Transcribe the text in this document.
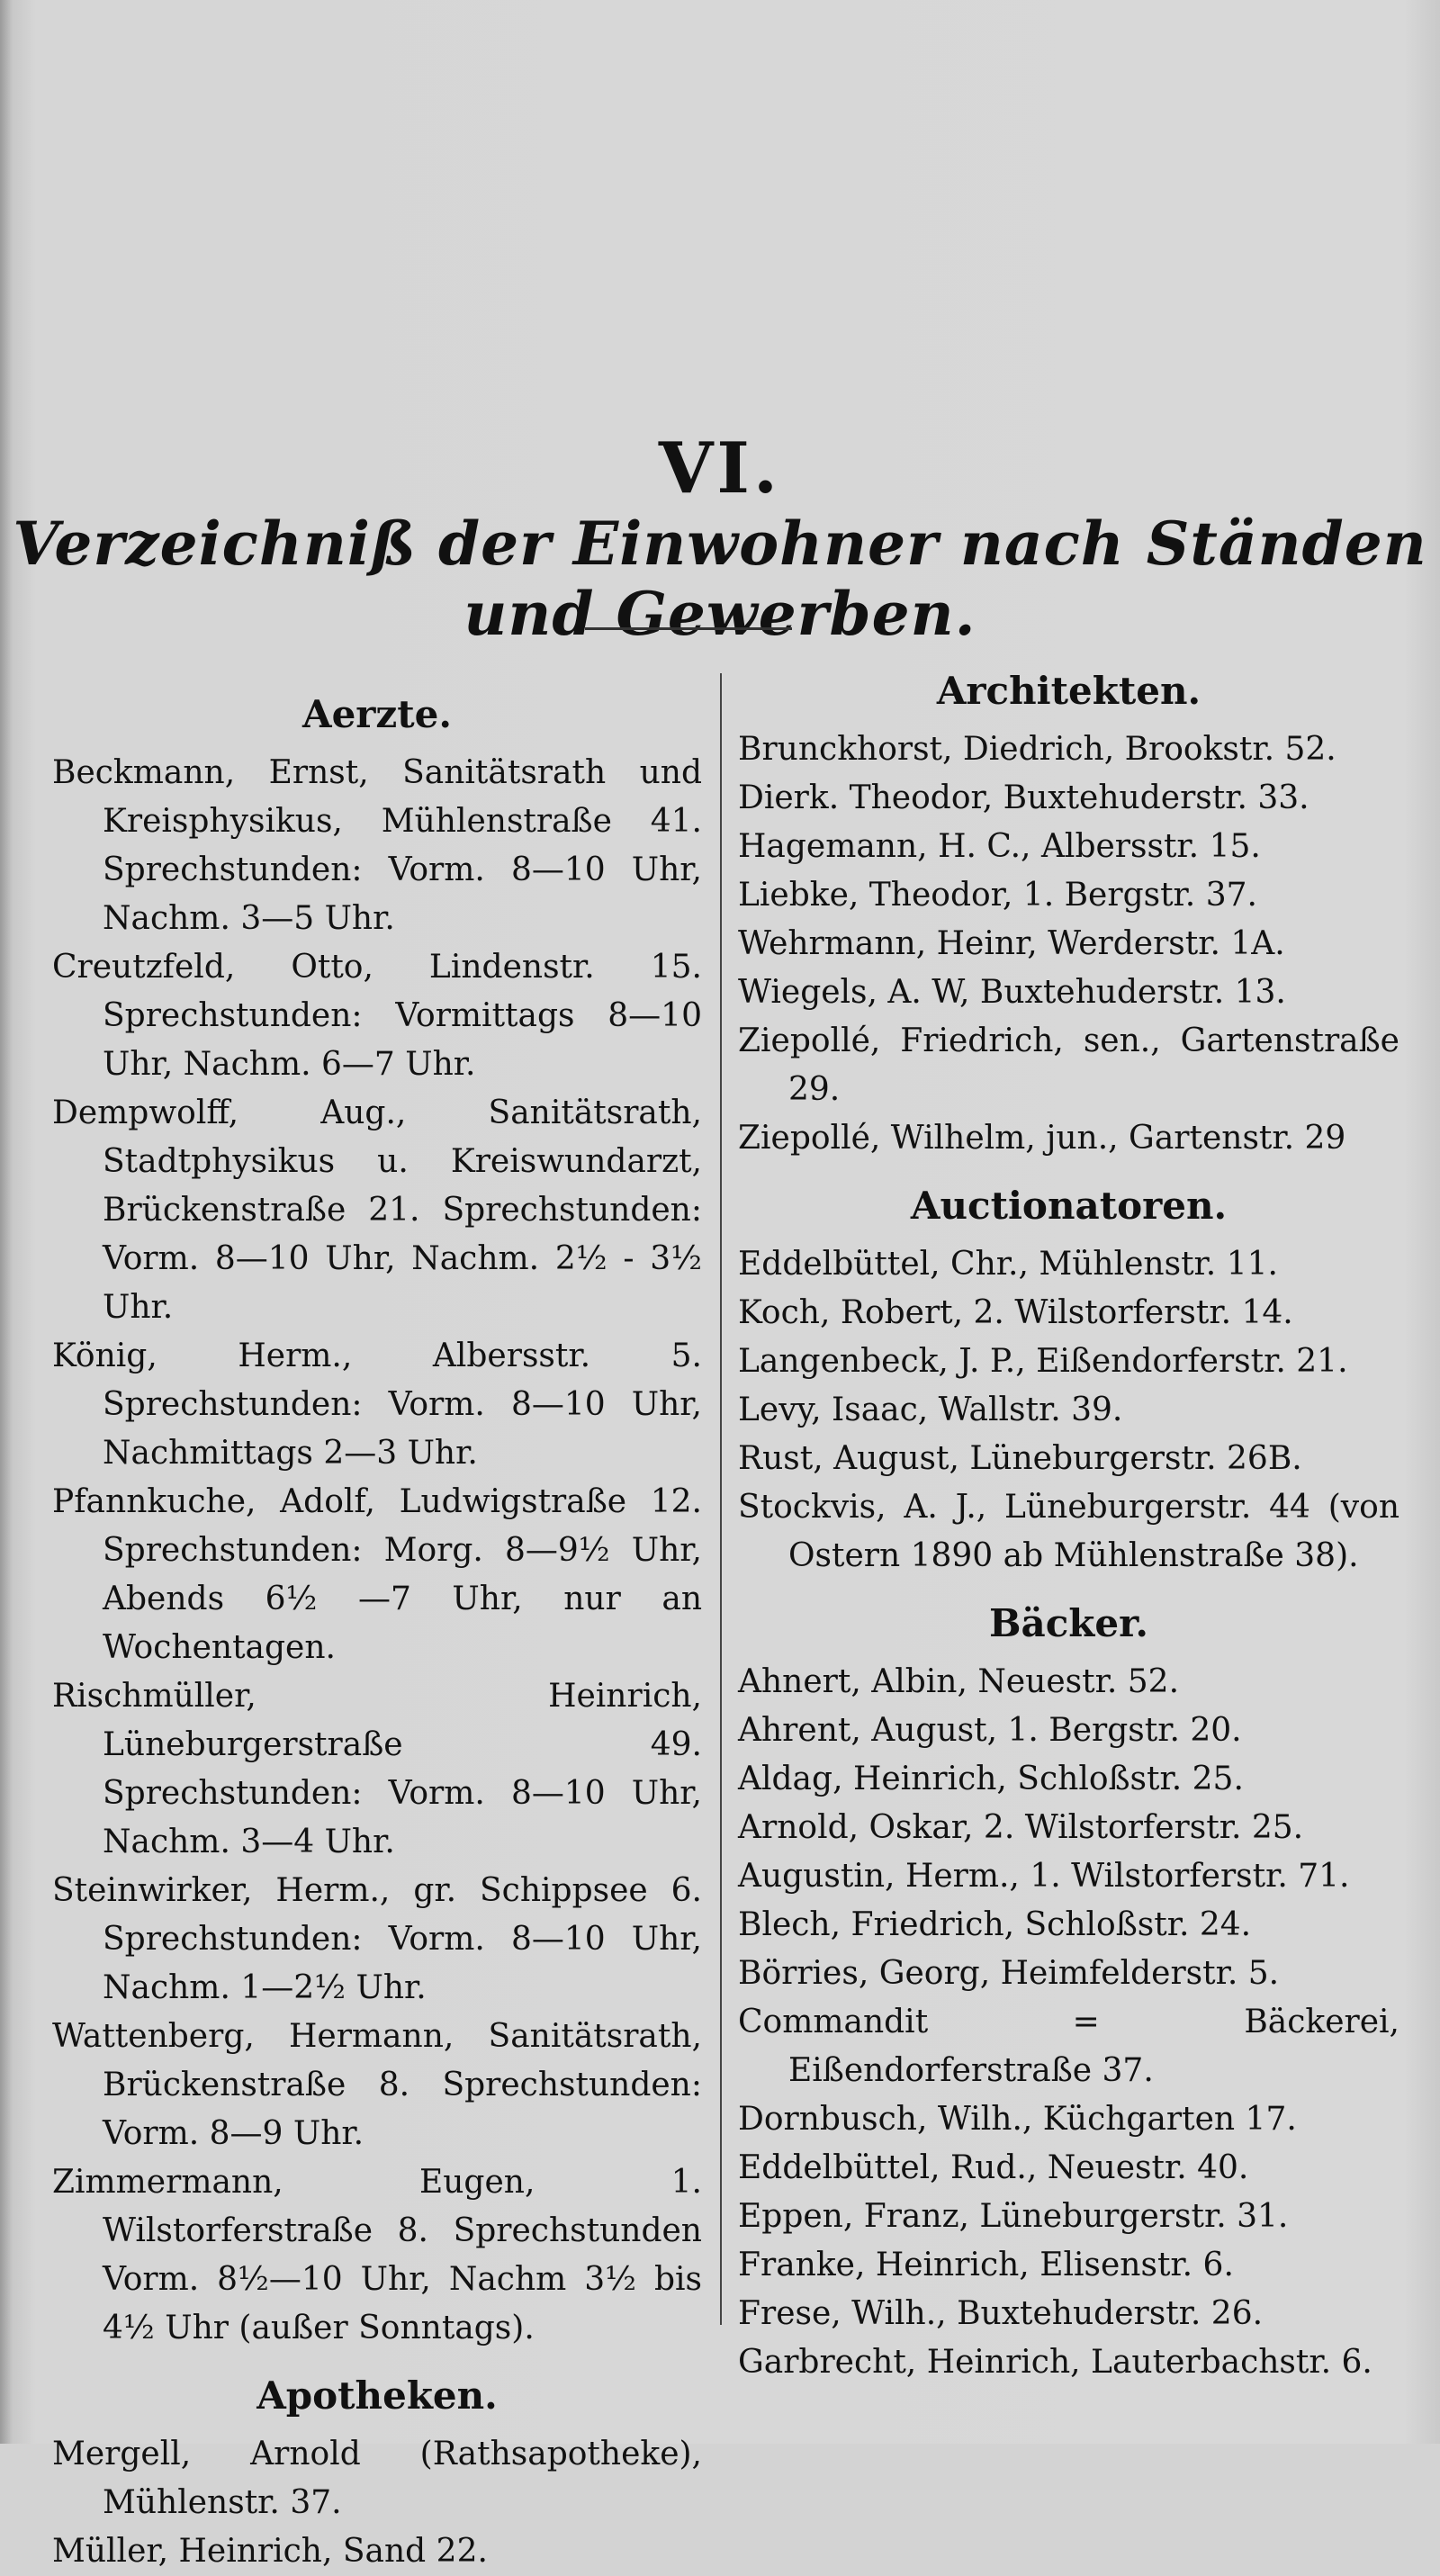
VI.
Verzeichniß der Einwohner nach Ständen und Gewerben.
Aerzte.
Beckmann, Ernst, Sanitätsrath und Kreisphysikus, Mühlenstraße 41. Sprechstunden: Vorm. 8—10 Uhr, Nachm. 3—5 Uhr.
Creutzfeld, Otto, Lindenstr. 15. Sprechstunden: Vormittags 8—10 Uhr, Nachm. 6—7 Uhr.
Dempwolff, Aug., Sanitätsrath, Stadtphysikus u. Kreiswundarzt, Brückenstraße 21. Sprechstunden: Vorm. 8—10 Uhr, Nachm. 2½ - 3½ Uhr.
König, Herm., Albersstr. 5. Sprechstunden: Vorm. 8—10 Uhr, Nachmittags 2—3 Uhr.
Pfannkuche, Adolf, Ludwigstraße 12. Sprechstunden: Morg. 8—9½ Uhr, Abends 6½ —7 Uhr, nur an Wochentagen.
Rischmüller, Heinrich, Lüneburgerstraße 49. Sprechstunden: Vorm. 8—10 Uhr, Nachm. 3—4 Uhr.
Steinwirker, Herm., gr. Schippsee 6. Sprechstunden: Vorm. 8—10 Uhr, Nachm. 1—2½ Uhr.
Wattenberg, Hermann, Sanitätsrath, Brückenstraße 8. Sprechstunden: Vorm. 8—9 Uhr.
Zimmermann, Eugen, 1. Wilstorferstraße 8. Sprechstunden Vorm. 8½—10 Uhr, Nachm 3½ bis 4½ Uhr (außer Sonntags).
Apotheken.
Mergell, Arnold (Rathsapotheke), Mühlenstr. 37.
Müller, Heinrich, Sand 22.
Architekten.
Brunckhorst, Diedrich, Brookstr. 52.
Dierk. Theodor, Buxtehuderstr. 33.
Hagemann, H. C., Albersstr. 15.
Liebke, Theodor, 1. Bergstr. 37.
Wehrmann, Heinr, Werderstr. 1A.
Wiegels, A. W, Buxtehuderstr. 13.
Ziepollé, Friedrich, sen., Gartenstraße 29.
Ziepollé, Wilhelm, jun., Gartenstr. 29
Auctionatoren.
Eddelbüttel, Chr., Mühlenstr. 11.
Koch, Robert, 2. Wilstorferstr. 14.
Langenbeck, J. P., Eißendorferstr. 21.
Levy, Isaac, Wallstr. 39.
Rust, August, Lüneburgerstr. 26B.
Stockvis, A. J., Lüneburgerstr. 44 (von Ostern 1890 ab Mühlenstraße 38).
Bäcker.
Ahnert, Albin, Neuestr. 52.
Ahrent, August, 1. Bergstr. 20.
Aldag, Heinrich, Schloßstr. 25.
Arnold, Oskar, 2. Wilstorferstr. 25.
Augustin, Herm., 1. Wilstorferstr. 71.
Blech, Friedrich, Schloßstr. 24.
Börries, Georg, Heimfelderstr. 5.
Commandit = Bäckerei, Eißendorferstraße 37.
Dornbusch, Wilh., Küchgarten 17.
Eddelbüttel, Rud., Neuestr. 40.
Eppen, Franz, Lüneburgerstr. 31.
Franke, Heinrich, Elisenstr. 6.
Frese, Wilh., Buxtehuderstr. 26.
Garbrecht, Heinrich, Lauterbachstr. 6.
